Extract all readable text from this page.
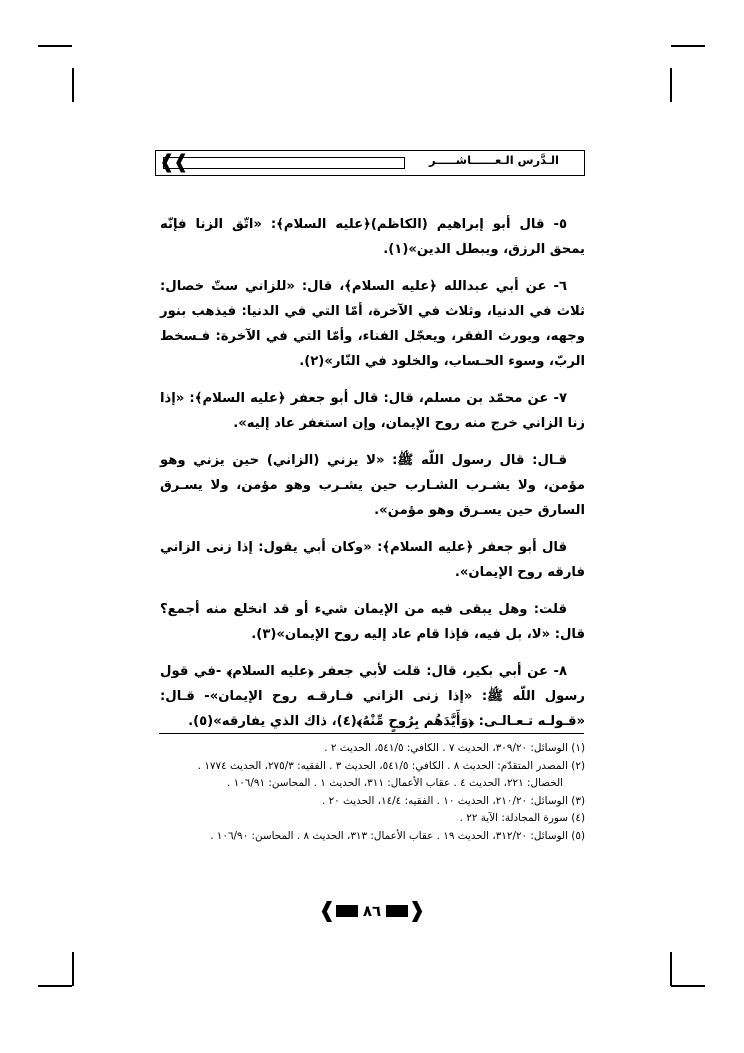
❱
❱	الـدَّرس الـعــــــاشـــــر

٥- قال أبو إبراهيم (الكاظم)﴿عليه السلام﴾: «اتّق الزنا فإنّه يمحق الرزق، ويبطل الدين»(١).

٦- عن أبي عبدالله ﴿عليه السلام﴾، قال: «للزاني ستّ خصال: ثلاث في الدنيا، وثلاث في الآخرة، أمّا التي في الدنيا: فيذهب بنور وجهه، ويورث الفقر، ويعجّل الفناء، وأمّا التي في الآخرة: فـسخط الربّ، وسوء الحـساب، والخلود في النّار»(٢).

٧- عن محمّد بن مسلم، قال: قال أبو جعفر ﴿عليه السلام﴾: «إذا زنا الزاني خرج منه روح الإيمان، وإن استغفر عاد إليه».

قـال: قال رسول اللّه ﷺ: «لا يزني (الزاني) حين يزني وهو مؤمن، ولا يشـرب الشـارب حين يشـرب وهو مؤمن، ولا يسـرق السارق حين يسـرق وهو مؤمن».

قال أبو جعفر ﴿عليه السلام﴾: «وكان أبي يقول: إذا زنى الزاني فارقه روح الإيمان».

قلت: وهل يبقى فيه من الإيمان شيء أو قد انخلع منه أجمع؟ قال: «لا، بل فيه، فإذا قام عاد إليه روح الإيمان»(٣).

٨- عن أبي بكير، قال: قلت لأبي جعفر ﴿عليه السلام﴾ -في قول رسول اللّه ﷺ: «إذا زنى الزاني فـارقـه روح الإيمان»- قـال: «قـولـه تـعـالـى: ﴿وَأَيَّدَهُم بِرُوحٍ مِّنْهُ﴾(٤)، ذاك الذي يفارقه»(٥).

(١) الوسائل: ٣٠٩/٢٠، الحديث ٧ . الكافي: ٥٤١/٥، الحديث ٢ .

(٢) المصدر المتقدّم: الحديث ٨ . الكافي: ٥٤١/٥، الحديث ٣ . الفقيه: ٢٧٥/٣، الحديث ١٧٧٤ .
الخصال: ٢٢١، الحديث ٤ . عقاب الأعمال: ٣١١، الحديث ١ . المحاسن: ١٠٦/٩١ .

(٣) الوسائل: ٢١٠/٢٠، الحديث ١٠ . الفقيه: ١٤/٤، الحديث ٢٠ .

(٤) سورة المجادلة: الآية ٢٢ .

(٥) الوسائل: ٣١٢/٢٠، الحديث ١٩ . عقاب الأعمال: ٣١٣، الحديث ٨ . المحاسن: ١٠٦/٩٠ .

❰
٨٦
❱
